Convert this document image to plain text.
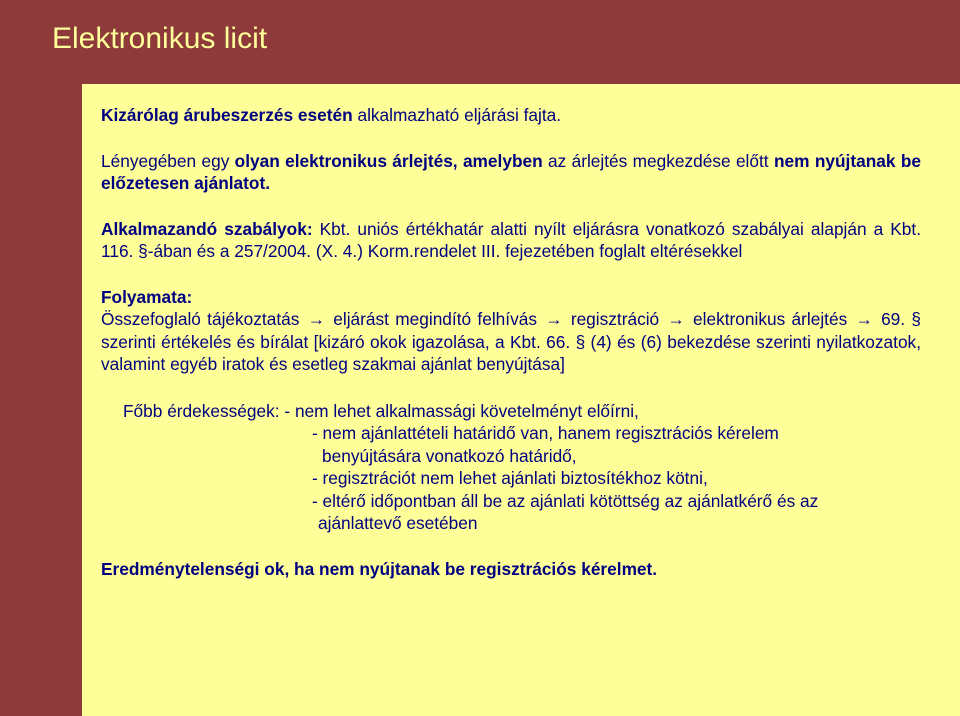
Elektronikus licit

Kizárólag árubeszerzés esetén alkalmazható eljárási fajta.

Lényegében egy olyan elektronikus árlejtés, amelyben az árlejtés megkezdése előtt nem nyújtanak be előzetesen ajánlatot.

Alkalmazandó szabályok: Kbt. uniós értékhatár alatti nyílt eljárásra vonatkozó szabályai alapján a Kbt. 116. §-ában és a 257/2004. (X. 4.) Korm.rendelet III. fejezetében foglalt eltérésekkel

Folyamata:
Összefoglaló tájékoztatás → eljárást megindító felhívás → regisztráció → elektronikus árlejtés → 69. § szerinti értékelés és bírálat [kizáró okok igazolása, a Kbt. 66. § (4) és (6) bekezdése szerinti nyilatkozatok, valamint egyéb iratok és esetleg szakmai ajánlat benyújtása]

Főbb érdekességek: - nem lehet alkalmassági követelményt előírni,
- nem ajánlattételi határidő van, hanem regisztrációs kérelem
benyújtására vonatkozó határidő,
- regisztrációt nem lehet ajánlati biztosítékhoz kötni,
- eltérő időpontban áll be az ajánlati kötöttség az ajánlatkérő és az
ajánlattevő esetében

Eredménytelenségi ok, ha nem nyújtanak be regisztrációs kérelmet.
